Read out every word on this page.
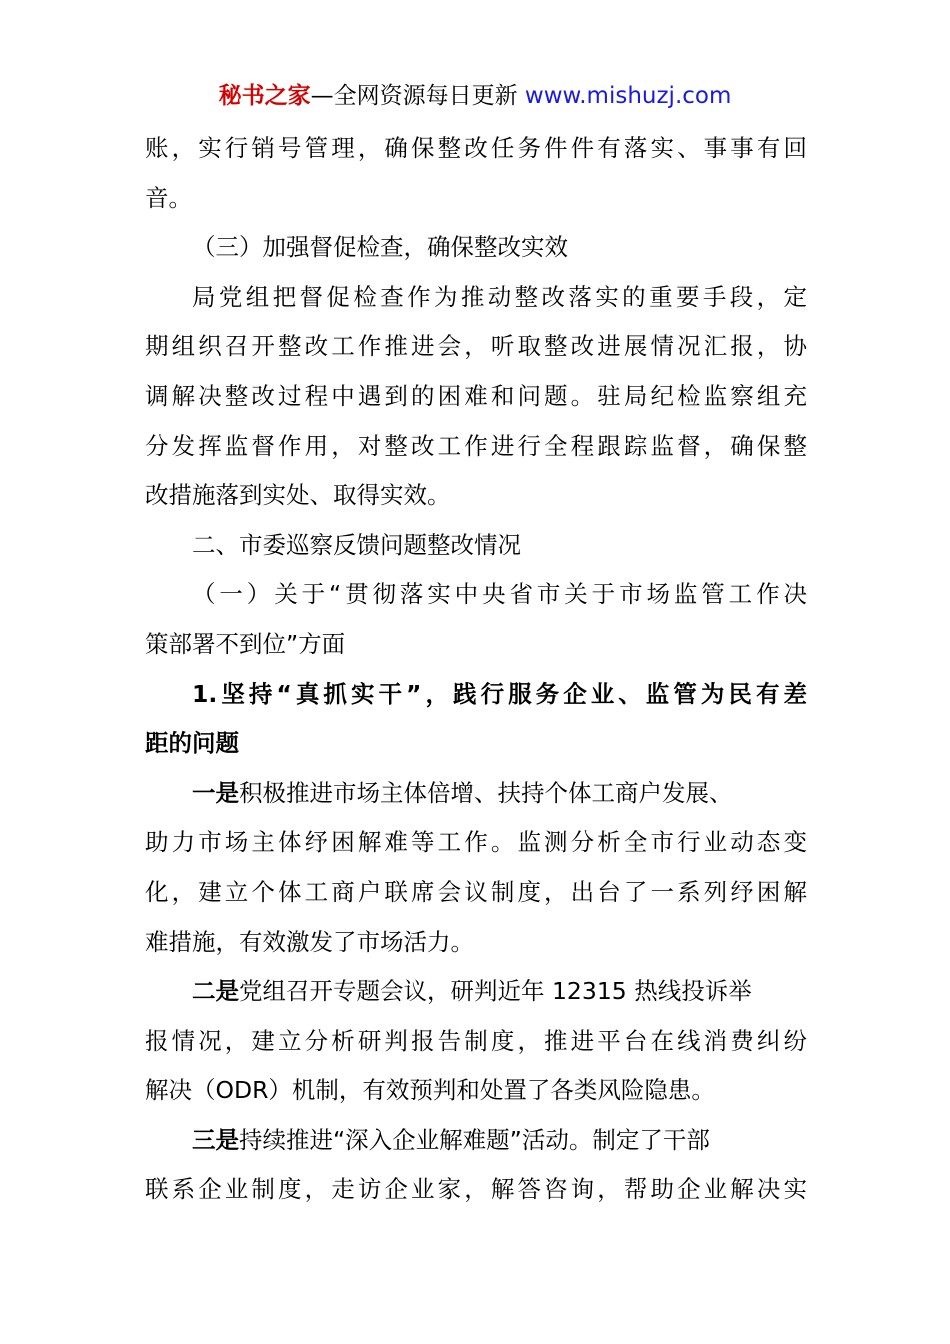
秘书之家—全网资源每日更新 www.mishuzj.com
账，实行销号管理，确保整改任务件件有落实、事事有回
音。
（三）加强督促检查，确保整改实效
局党组把督促检查作为推动整改落实的重要手段，定
期组织召开整改工作推进会，听取整改进展情况汇报，协
调解决整改过程中遇到的困难和问题。驻局纪检监察组充
分发挥监督作用，对整改工作进行全程跟踪监督，确保整
改措施落到实处、取得实效。
二、市委巡察反馈问题整改情况
（一）关于“贯彻落实中央省市关于市场监管工作决
策部署不到位”方面
1.坚持“真抓实干”，践行服务企业、监管为民有差
距的问题
一是积极推进市场主体倍增、扶持个体工商户发展、
助力市场主体纾困解难等工作。监测分析全市行业动态变
化，建立个体工商户联席会议制度，出台了一系列纾困解
难措施，有效激发了市场活力。
二是党组召开专题会议，研判近年 12315 热线投诉举
报情况，建立分析研判报告制度，推进平台在线消费纠纷
解决（ODR）机制，有效预判和处置了各类风险隐患。
三是持续推进“深入企业解难题”活动。制定了干部
联系企业制度，走访企业家，解答咨询，帮助企业解决实
